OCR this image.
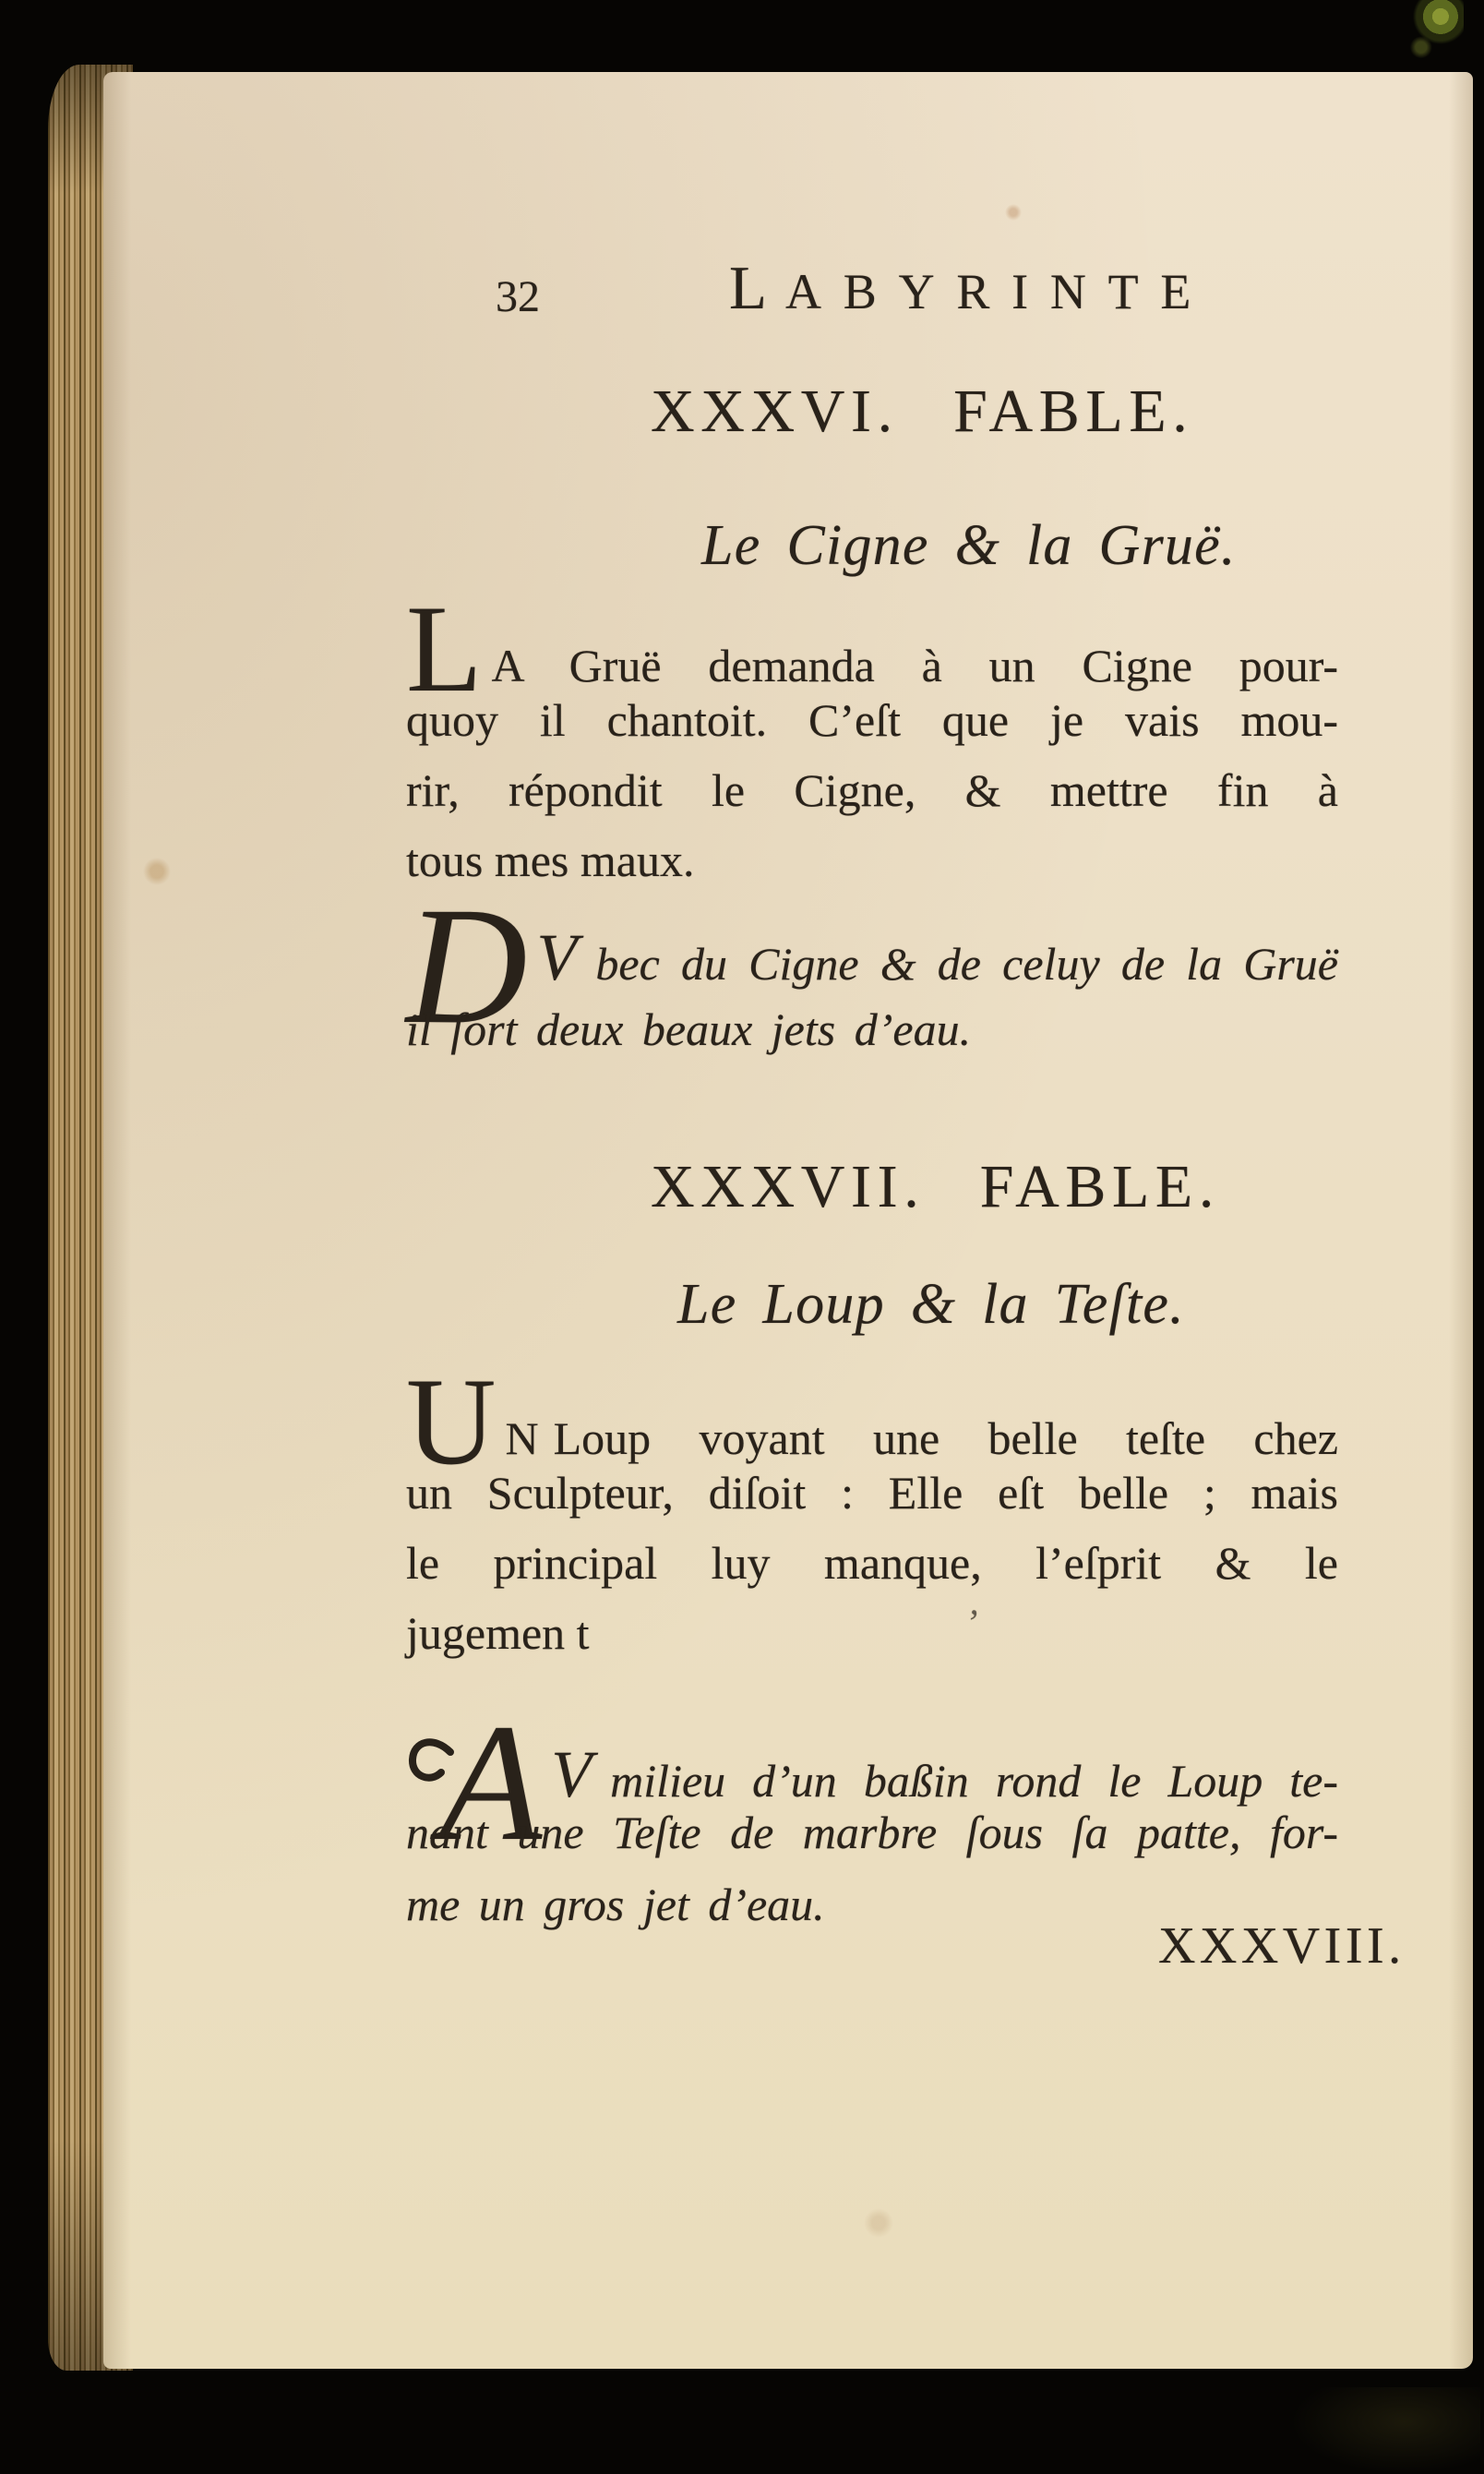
32	LABYRINTE
XXXVI. FABLE.
Le Cigne & la Gruë.
L A Gruë demanda à un Cigne pour-
quoy il chantoit. C’eſt que je vais mou-
rir, répondit le Cigne, & mettre fin à
tous mes maux.
D V bec du Cigne & de celuy de la Gruë
il ſort deux beaux jets d’eau.
XXXVII. FABLE.
Le Loup & la Teſte.
U N Loup voyant une belle teſte chez
un Sculpteur, diſoit : Elle eſt belle ; mais
le principal luy manque, l’eſprit & le
jugemen t	’
A V milieu d’un baßin rond le Loup te-
nant une Teſte de marbre ſous ſa patte, for-
me un gros jet d’eau.
XXXVIII.
